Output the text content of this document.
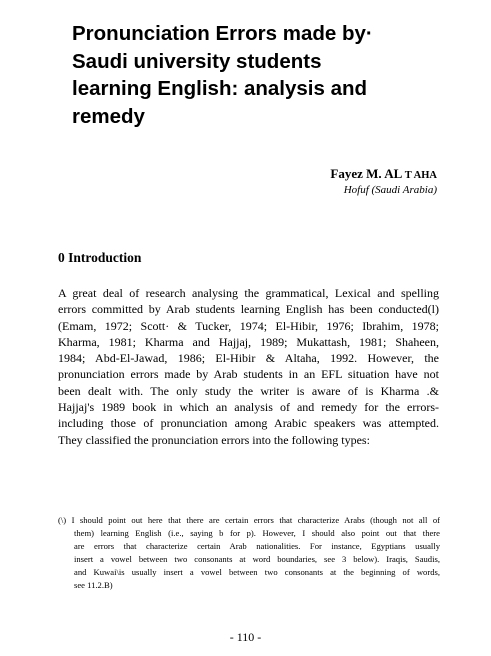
Pronunciation Errors made by·
Saudi university students
learning English: analysis and
remedy
Fayez M. AL T AHA
Hofuf (Saudi Arabia)
0 Introduction
A great deal of research analysing the grammatical, Lexical and spelling
errors committed by Arab students learning English has been conducted(l)
(Emam, 1972; Scott· & Tucker, 1974; El-Hibir, 1976; Ibrahim, 1978;
Kharma, 1981; Kharma and Hajjaj, 1989; Mukattash, 1981; Shaheen,
1984; Abd-El-Jawad, 1986; El-Hibir & Altaha, 1992. However, the
pronunciation errors made by Arab students in an EFL situation have not
been dealt with. The only study the writer is aware of is Kharma .&
Hajjaj's 1989 book in which an analysis of and remedy for the errors-
including those of pronunciation among Arabic speakers was attempted.
They classified the pronunciation errors into the following types:
(\) I should point out here that there are certain errors that characterize Arabs (though not all of
them) learning English (i.e., saying b for p). However, I should also point out that there
are errors that characterize certain Arab nationalities. For instance, Egyptians usually
insert a vowel between two consonants at word boundaries, see 3 below). Iraqis, Saudis,
and Kuwai\is usually insert a vowel between two consonants at the beginning of words,
see 11.2.B)
- 110 -
